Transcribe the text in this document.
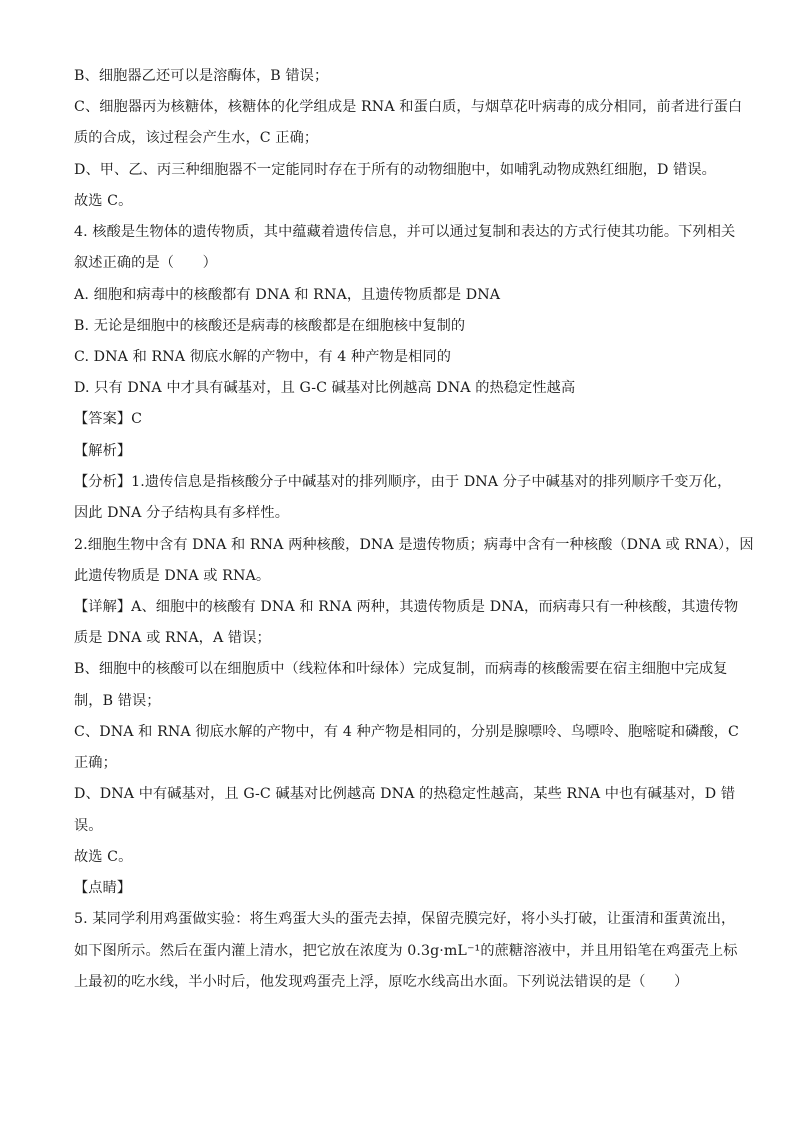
B、细胞器乙还可以是溶酶体，B 错误；
C、细胞器丙为核糖体，核糖体的化学组成是 RNA 和蛋白质，与烟草花叶病毒的成分相同，前者进行蛋白
质的合成，该过程会产生水，C 正确；
D、甲、乙、丙三种细胞器不一定能同时存在于所有的动物细胞中，如哺乳动物成熟红细胞，D 错误。
故选 C。
4. 核酸是生物体的遗传物质，其中蕴藏着遗传信息，并可以通过复制和表达的方式行使其功能。下列相关
叙述正确的是（　　）
A. 细胞和病毒中的核酸都有 DNA 和 RNA，且遗传物质都是 DNA
B. 无论是细胞中的核酸还是病毒的核酸都是在细胞核中复制的
C. DNA 和 RNA 彻底水解的产物中，有 4 种产物是相同的
D. 只有 DNA 中才具有碱基对，且 G-C 碱基对比例越高 DNA 的热稳定性越高
【答案】C
【解析】
【分析】1.遗传信息是指核酸分子中碱基对的排列顺序，由于 DNA 分子中碱基对的排列顺序千变万化，
因此 DNA 分子结构具有多样性。
2.细胞生物中含有 DNA 和 RNA 两种核酸，DNA 是遗传物质；病毒中含有一种核酸（DNA 或 RNA），因
此遗传物质是 DNA 或 RNA。
【详解】A、细胞中的核酸有 DNA 和 RNA 两种，其遗传物质是 DNA，而病毒只有一种核酸，其遗传物
质是 DNA 或 RNA，A 错误；
B、细胞中的核酸可以在细胞质中（线粒体和叶绿体）完成复制，而病毒的核酸需要在宿主细胞中完成复
制，B 错误；
C、DNA 和 RNA 彻底水解的产物中，有 4 种产物是相同的，分别是腺嘌呤、鸟嘌呤、胞嘧啶和磷酸，C
正确；
D、DNA 中有碱基对，且 G-C 碱基对比例越高 DNA 的热稳定性越高，某些 RNA 中也有碱基对，D 错
误。
故选 C。
【点睛】
5. 某同学利用鸡蛋做实验：将生鸡蛋大头的蛋壳去掉，保留壳膜完好，将小头打破，让蛋清和蛋黄流出，
如下图所示。然后在蛋内灌上清水，把它放在浓度为 0.3g·mL⁻¹的蔗糖溶液中，并且用铅笔在鸡蛋壳上标
上最初的吃水线，半小时后，他发现鸡蛋壳上浮，原吃水线高出水面。下列说法错误的是（　　）
